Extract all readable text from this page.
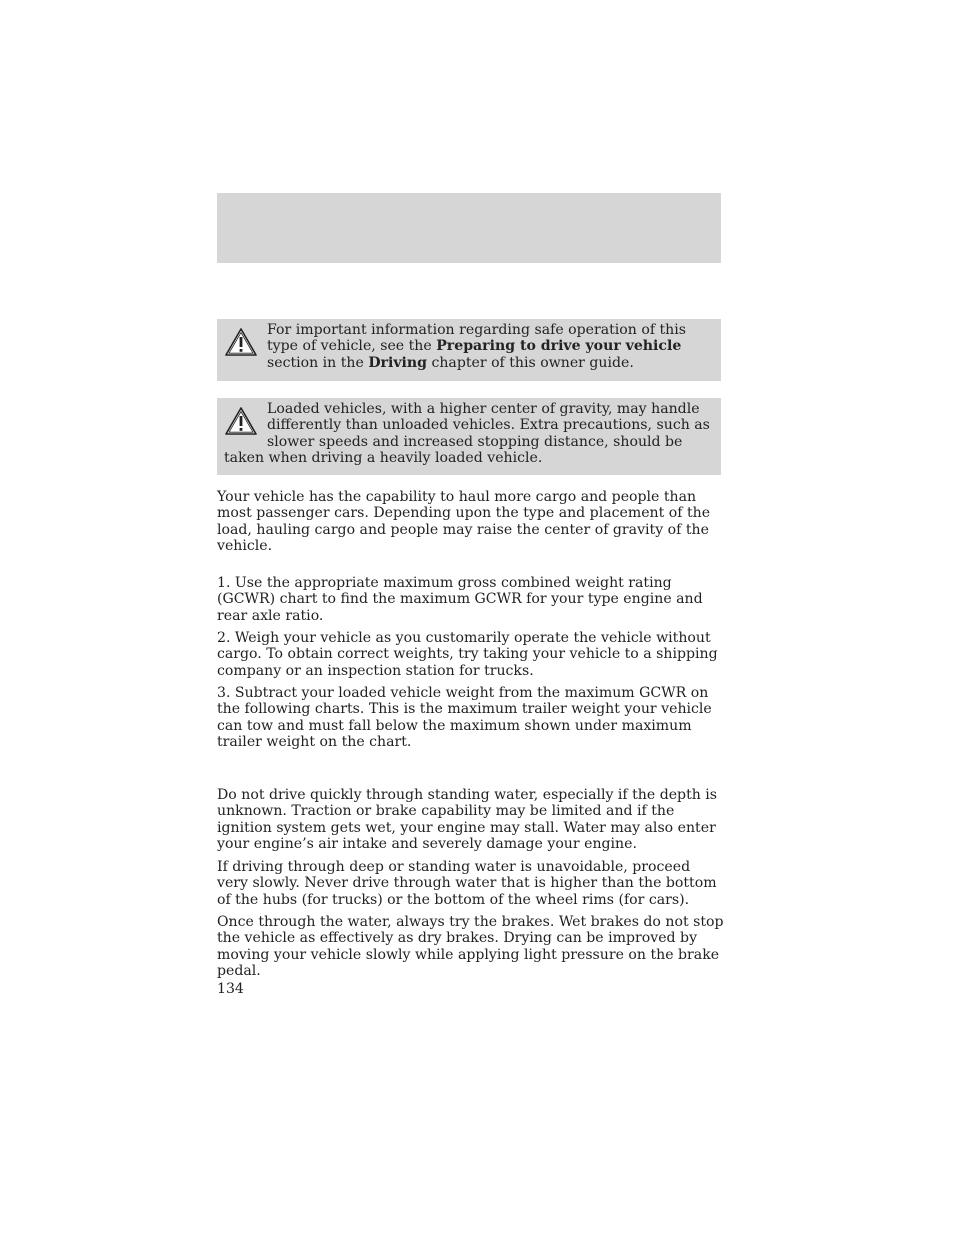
For important information regarding safe operation of this type of vehicle, see the Preparing to drive your vehicle section in the Driving chapter of this owner guide.
Loaded vehicles, with a higher center of gravity, may handle differently than unloaded vehicles. Extra precautions, such as slower speeds and increased stopping distance, should be taken when driving a heavily loaded vehicle.

Your vehicle has the capability to haul more cargo and people than most passenger cars. Depending upon the type and placement of the load, hauling cargo and people may raise the center of gravity of the vehicle.

1. Use the appropriate maximum gross combined weight rating (GCWR) chart to find the maximum GCWR for your type engine and rear axle ratio.

2. Weigh your vehicle as you customarily operate the vehicle without cargo. To obtain correct weights, try taking your vehicle to a shipping company or an inspection station for trucks.

3. Subtract your loaded vehicle weight from the maximum GCWR on the following charts. This is the maximum trailer weight your vehicle can tow and must fall below the maximum shown under maximum trailer weight on the chart.

Do not drive quickly through standing water, especially if the depth is unknown. Traction or brake capability may be limited and if the ignition system gets wet, your engine may stall. Water may also enter your engine’s air intake and severely damage your engine.

If driving through deep or standing water is unavoidable, proceed very slowly. Never drive through water that is higher than the bottom of the hubs (for trucks) or the bottom of the wheel rims (for cars).

Once through the water, always try the brakes. Wet brakes do not stop the vehicle as effectively as dry brakes. Drying can be improved by moving your vehicle slowly while applying light pressure on the brake pedal.

134
